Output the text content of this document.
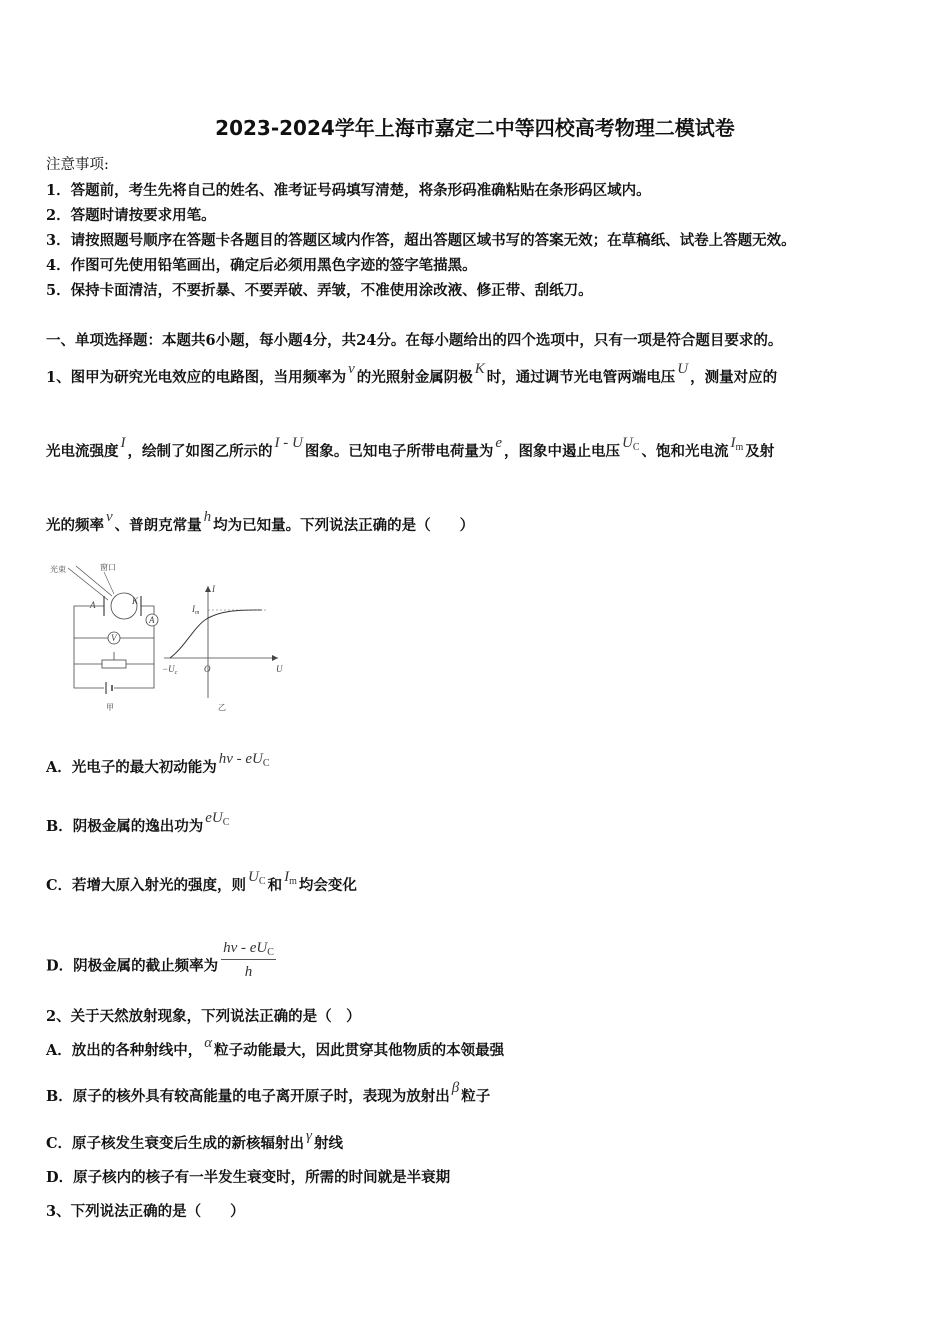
2023-2024学年上海市嘉定二中等四校高考物理二模试卷
注意事项:
1．答题前，考生先将自己的姓名、准考证号码填写清楚，将条形码准确粘贴在条形码区域内。
2．答题时请按要求用笔。
3．请按照题号顺序在答题卡各题目的答题区域内作答，超出答题区域书写的答案无效；在草稿纸、试卷上答题无效。
4．作图可先使用铅笔画出，确定后必须用黑色字迹的签字笔描黑。
5．保持卡面清洁，不要折暴、不要弄破、弄皱，不准使用涂改液、修正带、刮纸刀。
一、单项选择题：本题共6小题，每小题4分，共24分。在每小题给出的四个选项中，只有一项是符合题目要求的。
1、图甲为研究光电效应的电路图，当用频率为 v 的光照射金属阴极 K 时，通过调节光电管两端电压 U ，测量对应的
光电流强度 I ，绘制了如图乙所示的 I - U 图象。已知电子所带电荷量为 e ，图象中遏止电压 $U_C$ 、饱和光电流 $I_m$ 及射
光的频率 v 、普朗克常量 h 均为已知量。下列说法正确的是（　　）
光束	窗口
A	K
A
V
甲
I
$I_m$
U
O
$-U_c$
乙
A．光电子的最大初动能为 hv - $eU_C$
B．阴极金属的逸出功为 $eU_C$
C．若增大原入射光的强度，则 $U_C$ 和 $I_m$ 均会变化
D．阴极金属的截止频率为 $\frac{hv - eU_C}{h}$
2、关于天然放射现象，下列说法正确的是（　）
A．放出的各种射线中， α 粒子动能最大，因此贯穿其他物质的本领最强
B．原子的核外具有较高能量的电子离开原子时，表现为放射出 β 粒子
C．原子核发生衰变后生成的新核辐射出 γ 射线
D．原子核内的核子有一半发生衰变时，所需的时间就是半衰期
3、下列说法正确的是（　　）
